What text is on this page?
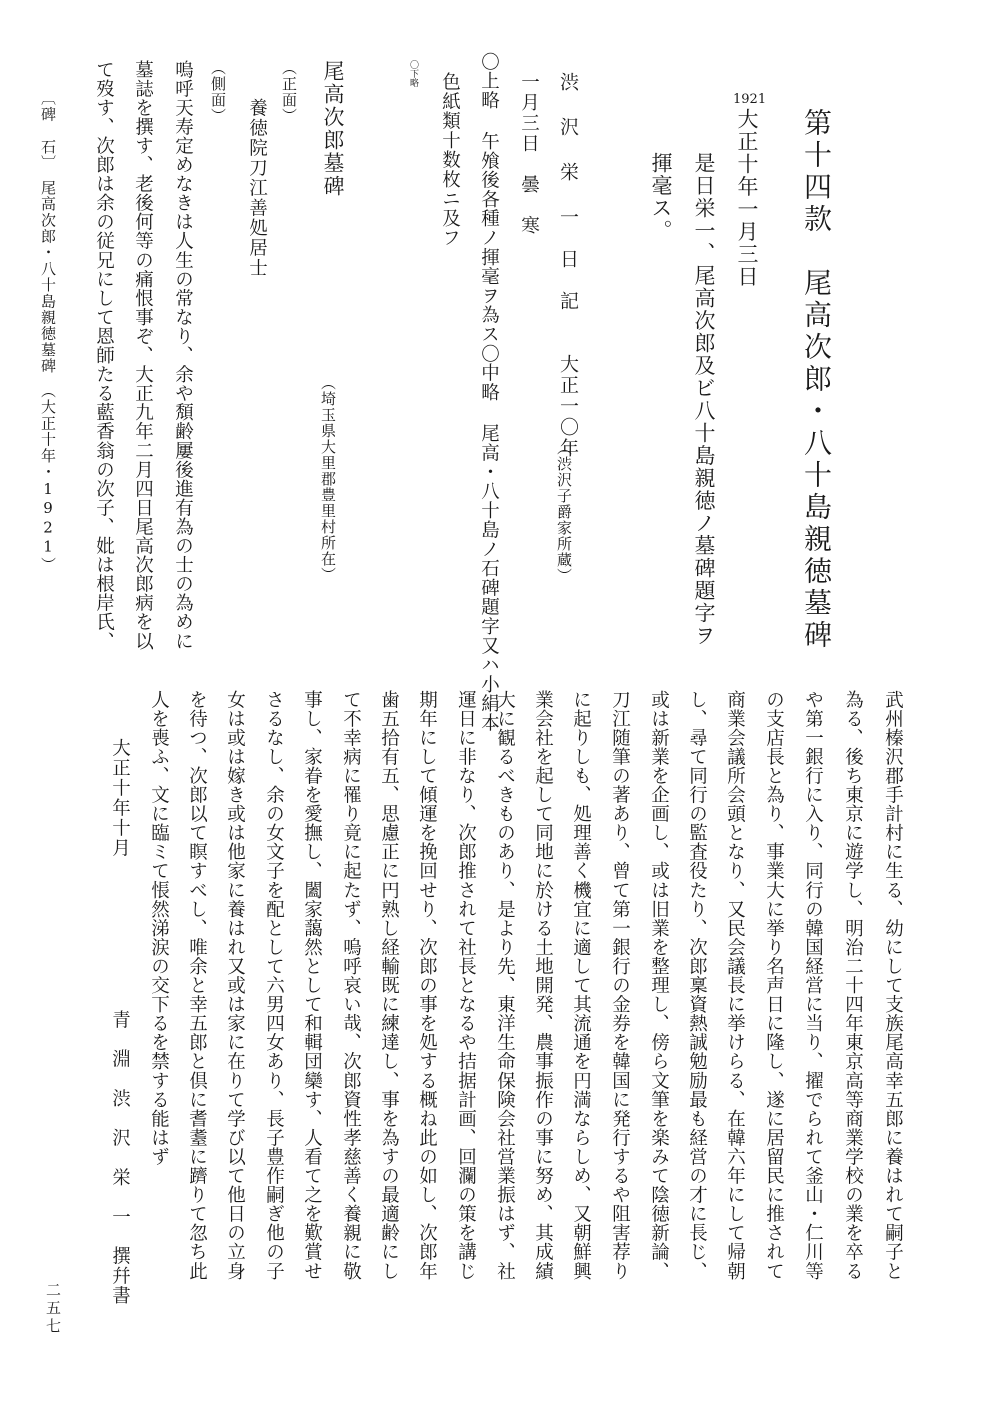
第十四款　尾高次郎・八十島親徳墓碑
1921
大正十年一月三日
是日栄一、尾高次郎及ビ八十島親徳ノ墓碑題字ヲ
揮毫ス。
渋 沢 栄 一　日　記　　大正一〇年
（渋沢子爵家所蔵）
一月三日　曇　寒
〇上略 午飧後各種ノ揮毫ヲ為ス〇中略 尾高・八十島ノ石碑題字又ハ小絹本
色紙類十数枚ニ及フ
〇下略
尾高次郎墓碑
（埼玉県大里郡豊里村所在）
（正面）
養徳院刀江善処居士
（側面）
嗚呼天寿定めなきは人生の常なり、余や頽齢屢後進有為の士の為めに
墓誌を撰す、老後何等の痛恨事ぞ、大正九年二月四日尾高次郎病を以
て歿す、次郎は余の従兄にして恩師たる藍香翁の次子、妣は根岸氏、
〔碑　石〕　尾高次郎・八十島親徳墓碑　（大正十年・1921）
武州榛沢郡手計村に生る、幼にして支族尾高幸五郎に養はれて嗣子と
為る、後ち東京に遊学し、明治二十四年東京高等商業学校の業を卒る
や第一銀行に入り、同行の韓国経営に当り、擢でられて釜山・仁川等
の支店長と為り、事業大に挙り名声日に隆し、遂に居留民に推されて
商業会議所会頭となり、又民会議長に挙けらる、在韓六年にして帰朝
し、尋て同行の監査役たり、次郎稟資熱誠勉励最も経営の才に長じ、
或は新業を企画し、或は旧業を整理し、傍ら文筆を楽みて陰徳新論、
刀江随筆の著あり、曾て第一銀行の金券を韓国に発行するや阻害荐り
に起りしも、処理善く機宜に適して其流通を円満ならしめ、又朝鮮興
業会社を起して同地に於ける土地開発、農事振作の事に努め、其成績
大に観るべきものあり、是より先、東洋生命保険会社営業振はず、社
運日に非なり、次郎推されて社長となるや拮据計画、回瀾の策を講じ
期年にして傾運を挽回せり、次郎の事を処する概ね此の如し、次郎年
歯五拾有五、思慮正に円熟し経輸既に練達し、事を為すの最適齢にし
て不幸病に罹り竟に起たず、嗚呼哀い哉、次郎資性孝慈善く養親に敬
事し、家眷を愛撫し、闔家藹然として和輯団欒す、人看て之を歎賞せ
さるなし、余の女文子を配として六男四女あり、長子豊作嗣ぎ他の子
女は或は嫁き或は他家に養はれ又或は家に在りて学び以て他日の立身
を待つ、次郎以て瞑すべし、唯余と幸五郎と倶に耆耋に躋りて忽ち此
人を喪ふ、文に臨ミて悵然涕涙の交下るを禁する能はず
大正十年十月
青　淵　渋　沢　栄　一　撰幷書
二五七
